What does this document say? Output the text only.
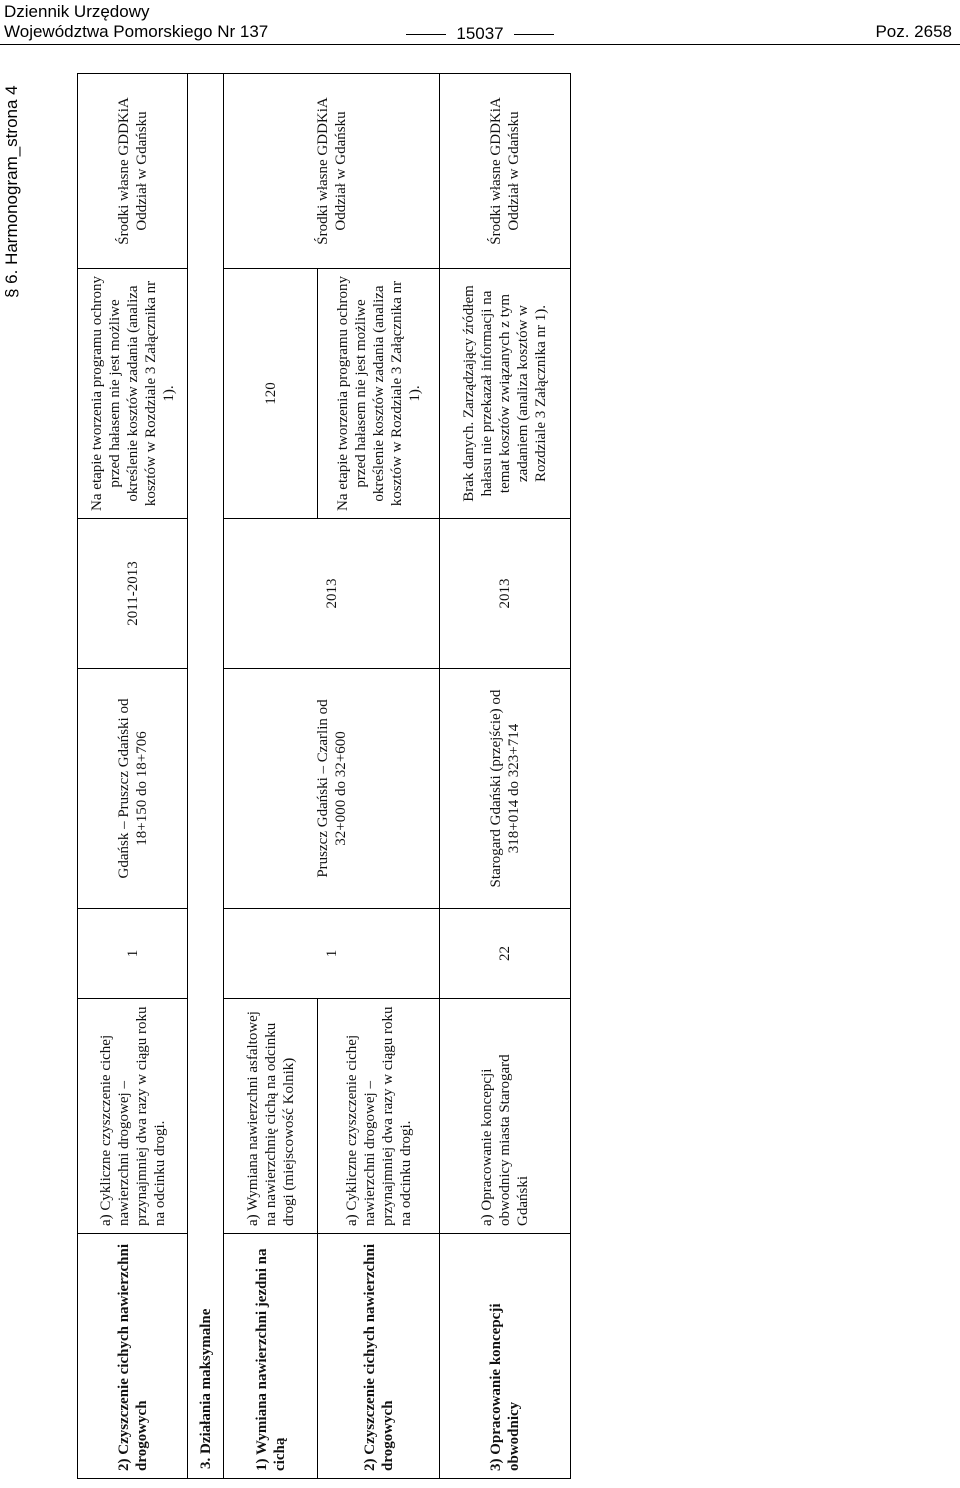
Dziennik Urzędowy
Województwa Pomorskiego Nr 137	15037	Poz. 2658
§ 6. Harmonogram_strona 4
2) Czyszczenie cichych nawierzchni drogowych	a) Cykliczne czyszczenie cichej nawierzchni drogowej – przynajmniej dwa razy w ciągu roku na odcinku drogi.	1	Gdańsk – Pruszcz Gdański od 18+150 do 18+706	2011-2013	Na etapie tworzenia programu ochrony przed hałasem nie jest możliwe określenie kosztów zadania (analiza kosztów w Rozdziale 3 Załącznika nr 1).	Środki własne GDDKiA Oddział w Gdańsku
3. Działania maksymalne						
1) Wymiana nawierzchni jezdni na cichą	a) Wymiana nawierzchni asfaltowej na nawierzchnię cichą na odcinku drogi (miejscowość Kolnik)	1	Pruszcz Gdański – Czarlin od 32+000 do 32+600	2013	120	Środki własne GDDKiA Oddział w Gdańsku
2) Czyszczenie cichych nawierzchni drogowych	a) Cykliczne czyszczenie cichej nawierzchni drogowej – przynajmniej dwa razy w ciągu roku na odcinku drogi.				Na etapie tworzenia programu ochrony przed hałasem nie jest możliwe określenie kosztów zadania (analiza kosztów w Rozdziale 3 Załącznika nr 1).	
3) Opracowanie koncepcji obwodnicy	a) Opracowanie koncepcji obwodnicy miasta Starogard Gdański	22	Starogard Gdański (przejście) od 318+014 do 323+714	2013	Brak danych. Zarządzający źródłem hałasu nie przekazał informacji na temat kosztów związanych z tym zadaniem (analiza kosztów w Rozdziale 3 Załącznika nr 1).	Środki własne GDDKiA Oddział w Gdańsku
